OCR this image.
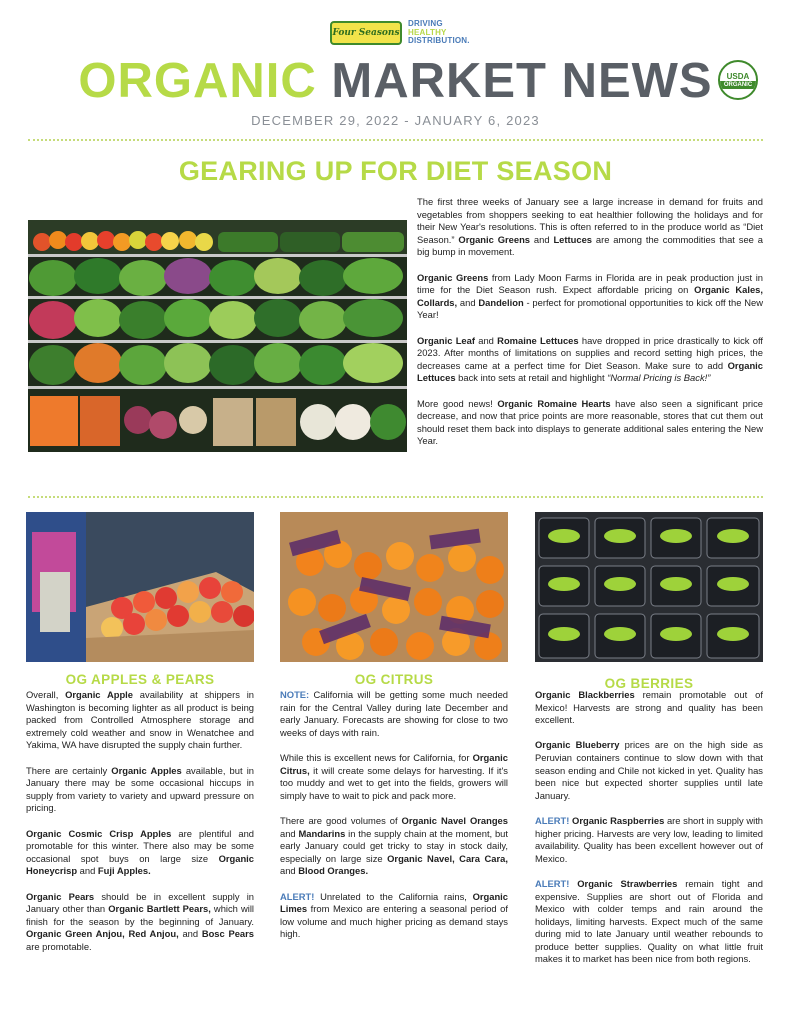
Four Seasons
DRIVING
HEALTHY
DISTRIBUTION.
ORGANIC MARKET NEWS	USDA
ORGANIC
DECEMBER 29, 2022 - JANUARY 6, 2023
GEARING UP FOR DIET SEASON

The first three weeks of January see a large increase in demand for fruits and vegetables from shoppers seeking to eat healthier following the holidays and for their New Year's resolutions. This is often referred to in the produce world as “Diet Season.” Organic Greens and Lettuces are among the commodities that see a big bump in movement.

Organic Greens from Lady Moon Farms in Florida are in peak production just in time for the Diet Season rush. Expect affordable pricing on Organic Kales, Collards, and Dandelion - perfect for promotional opportunities to kick off the New Year!

Organic Leaf and Romaine Lettuces have dropped in price drastically to kick off 2023. After months of limitations on supplies and record setting high prices, the decreases came at a perfect time for Diet Season. Make sure to add Organic Lettuces back into sets at retail and highlight “Normal Pricing is Back!”

More good news! Organic Romaine Hearts have also seen a significant price decrease, and now that price points are more reasonable, stores that cut them out should reset them back into displays to generate additional sales entering the New Year.

OG APPLES & PEARS	OG CITRUS	OG BERRIES

Overall, Organic Apple availability at shippers in Washington is becoming lighter as all product is being packed from Controlled Atmosphere storage and extremely cold weather and snow in Wenatchee and Yakima, WA have disrupted the supply chain further.

There are certainly Organic Apples available, but in January there may be some occasional hiccups in supply from variety to variety and upward pressure on pricing.

Organic Cosmic Crisp Apples are plentiful and promotable for this winter. There also may be some occasional spot buys on large size Organic Honeycrisp and Fuji Apples.

Organic Pears should be in excellent supply in January other than Organic Bartlett Pears, which will finish for the season by the beginning of January. Organic Green Anjou, Red Anjou, and Bosc Pears are promotable.

NOTE: California will be getting some much needed rain for the Central Valley during late December and early January. Forecasts are showing for close to two weeks of days with rain.

While this is excellent news for California, for Organic Citrus, it will create some delays for harvesting. If it's too muddy and wet to get into the fields, growers will simply have to wait to pick and pack more.

There are good volumes of Organic Navel Oranges and Mandarins in the supply chain at the moment, but early January could get tricky to stay in stock daily, especially on large size Organic Navel, Cara Cara, and Blood Oranges.

ALERT! Unrelated to the California rains, Organic Limes from Mexico are entering a seasonal period of low volume and much higher pricing as demand stays high.

Organic Blackberries remain promotable out of Mexico! Harvests are strong and quality has been excellent.

Organic Blueberry prices are on the high side as Peruvian containers continue to slow down with that season ending and Chile not kicked in yet. Quality has been nice but expected shorter supplies until late January.

ALERT! Organic Raspberries are short in supply with higher pricing. Harvests are very low, leading to limited availability. Quality has been excellent however out of Mexico.

ALERT! Organic Strawberries remain tight and expensive. Supplies are short out of Florida and Mexico with colder temps and rain around the holidays, limiting harvests. Expect much of the same during mid to late January until weather rebounds to produce better supplies. Quality on what little fruit makes it to market has been nice from both regions.
